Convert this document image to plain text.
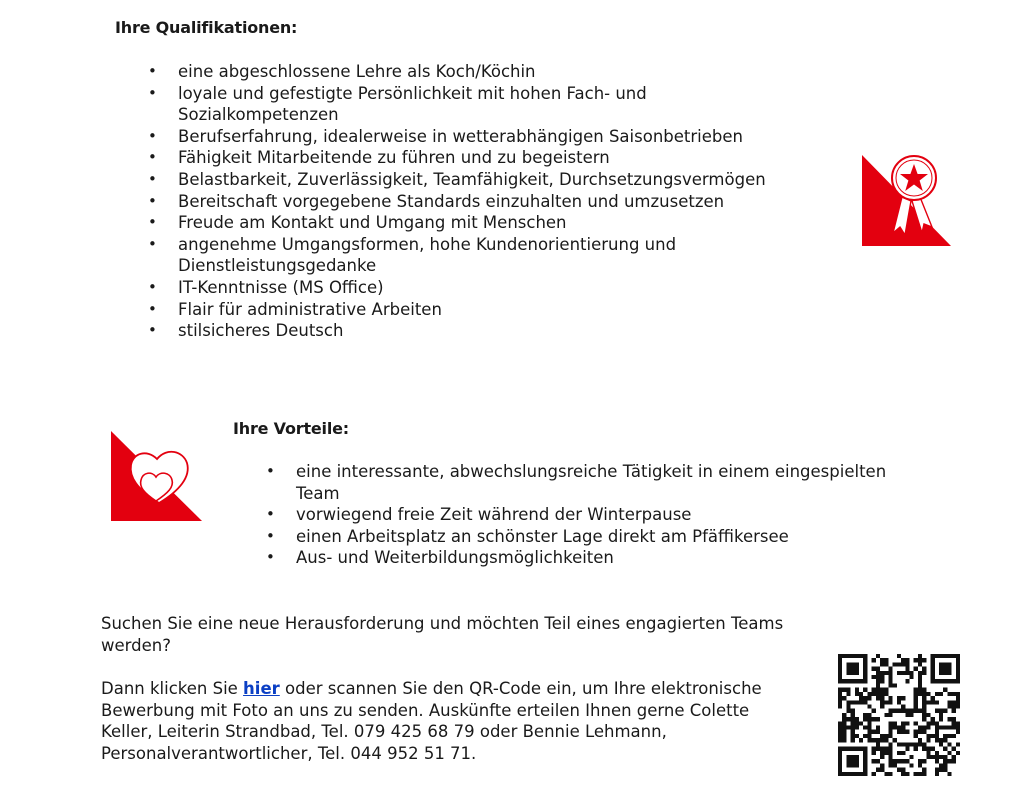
Ihre Qualifikationen:
• eine abgeschlossene Lehre als Koch/Köchin
• loyale und gefestigte Persönlichkeit mit hohen Fach- und Sozialkompetenzen
• Berufserfahrung, idealerweise in wetterabhängigen Saisonbetrieben
• Fähigkeit Mitarbeitende zu führen und zu begeistern
• Belastbarkeit, Zuverlässigkeit, Teamfähigkeit, Durchsetzungsvermögen
• Bereitschaft vorgegebene Standards einzuhalten und umzusetzen
• Freude am Kontakt und Umgang mit Menschen
• angenehme Umgangsformen, hohe Kundenorientierung und Dienstleistungsgedanke
• IT-Kenntnisse (MS Office)
• Flair für administrative Arbeiten
• stilsicheres Deutsch
Ihre Vorteile:
• eine interessante, abwechslungsreiche Tätigkeit in einem eingespielten Team
• vorwiegend freie Zeit während der Winterpause
• einen Arbeitsplatz an schönster Lage direkt am Pfäffikersee
• Aus- und Weiterbildungsmöglichkeiten

Suchen Sie eine neue Herausforderung und möchten Teil eines engagierten Teams werden?

Dann klicken Sie hier oder scannen Sie den QR-Code ein, um Ihre elektronische Bewerbung mit Foto an uns zu senden. Auskünfte erteilen Ihnen gerne Colette Keller, Leiterin Strandbad, Tel. 079 425 68 79 oder Bennie Lehmann, Personalverantwortlicher, Tel. 044 952 51 71.
